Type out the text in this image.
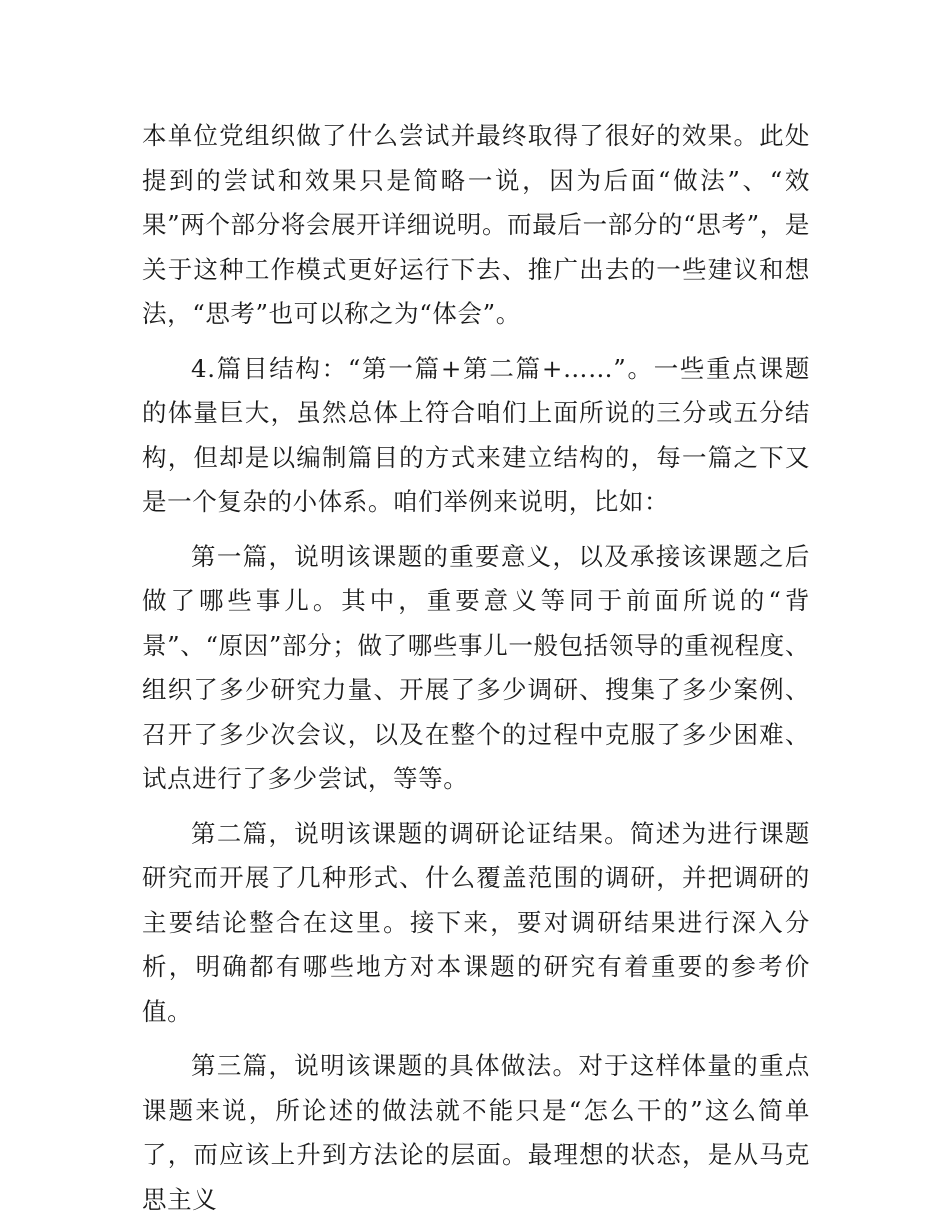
本单位党组织做了什么尝试并最终取得了很好的效果。此处提到的尝试和效果只是简略一说，因为后面“做法”、“效果”两个部分将会展开详细说明。而最后一部分的“思考”，是关于这种工作模式更好运行下去、推广出去的一些建议和想法，“思考”也可以称之为“体会”。

4.篇目结构：“第一篇+第二篇+……”。一些重点课题的体量巨大，虽然总体上符合咱们上面所说的三分或五分结构，但却是以编制篇目的方式来建立结构的，每一篇之下又是一个复杂的小体系。咱们举例来说明，比如：

第一篇，说明该课题的重要意义，以及承接该课题之后做了哪些事儿。其中，重要意义等同于前面所说的“背景”、“原因”部分；做了哪些事儿一般包括领导的重视程度、组织了多少研究力量、开展了多少调研、搜集了多少案例、召开了多少次会议，以及在整个的过程中克服了多少困难、试点进行了多少尝试，等等。

第二篇，说明该课题的调研论证结果。简述为进行课题研究而开展了几种形式、什么覆盖范围的调研，并把调研的主要结论整合在这里。接下来，要对调研结果进行深入分析，明确都有哪些地方对本课题的研究有着重要的参考价值。

第三篇，说明该课题的具体做法。对于这样体量的重点课题来说，所论述的做法就不能只是“怎么干的”这么简单了，而应该上升到方法论的层面。最理想的状态，是从马克思主义
